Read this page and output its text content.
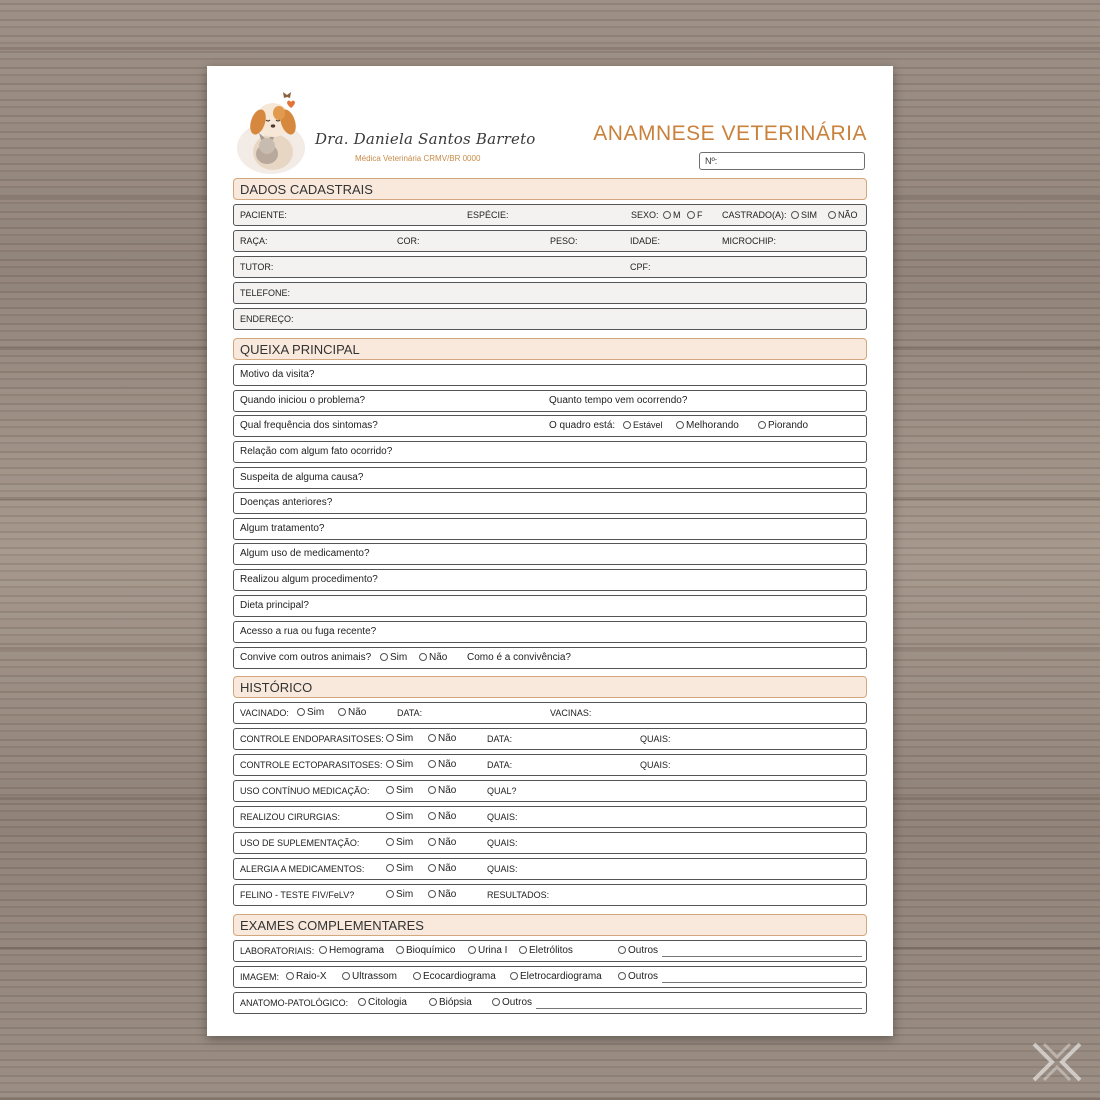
Dra. Daniela Santos Barreto
Médica Veterinária CRMV/BR 0000
ANAMNESE VETERINÁRIA
Nº:
DADOS CADASTRAIS
PACIENTE:	ESPÉCIE:	SEXO:	M	F CASTRADO(A):	SIM	NÃO
RAÇA:	COR:	PESO:	IDADE:	MICROCHIP:
TUTOR:	CPF:
TELEFONE:
ENDEREÇO:
QUEIXA PRINCIPAL
Motivo da visita?
Quando iniciou o problema?	Quanto tempo vem ocorrendo?
Qual frequência dos sintomas?	O quadro está:	Estável	Melhorando	Piorando
Relação com algum fato ocorrido?
Suspeita de alguma causa?
Doenças anteriores?
Algum tratamento?
Algum uso de medicamento?
Realizou algum procedimento?
Dieta principal?
Acesso a rua ou fuga recente?
Convive com outros animais?	Sim	Não Como é a convivência?
HISTÓRICO
VACINADO:	Sim	Não	DATA:	VACINAS:
CONTROLE ENDOPARASITOSES:	Sim	Não	DATA:	QUAIS:
CONTROLE ECTOPARASITOSES:	Sim	Não	DATA:	QUAIS:
USO CONTÍNUO MEDICAÇÃO:	Sim	Não	QUAL?
REALIZOU CIRURGIAS:	Sim	Não	QUAIS:
USO DE SUPLEMENTAÇÃO:	Sim	Não	QUAIS:
ALERGIA A MEDICAMENTOS:	Sim	Não	QUAIS:
FELINO - TESTE FIV/FeLV?	Sim	Não	RESULTADOS:
EXAMES COMPLEMENTARES
LABORATORIAIS:	Hemograma	Bioquímico	Urina I	Eletrólitos	Outros
IMAGEM:	Raio-X	Ultrassom	Ecocardiograma	Eletrocardiograma	Outros
ANATOMO-PATOLÓGICO:	Citologia	Biópsia	Outros
